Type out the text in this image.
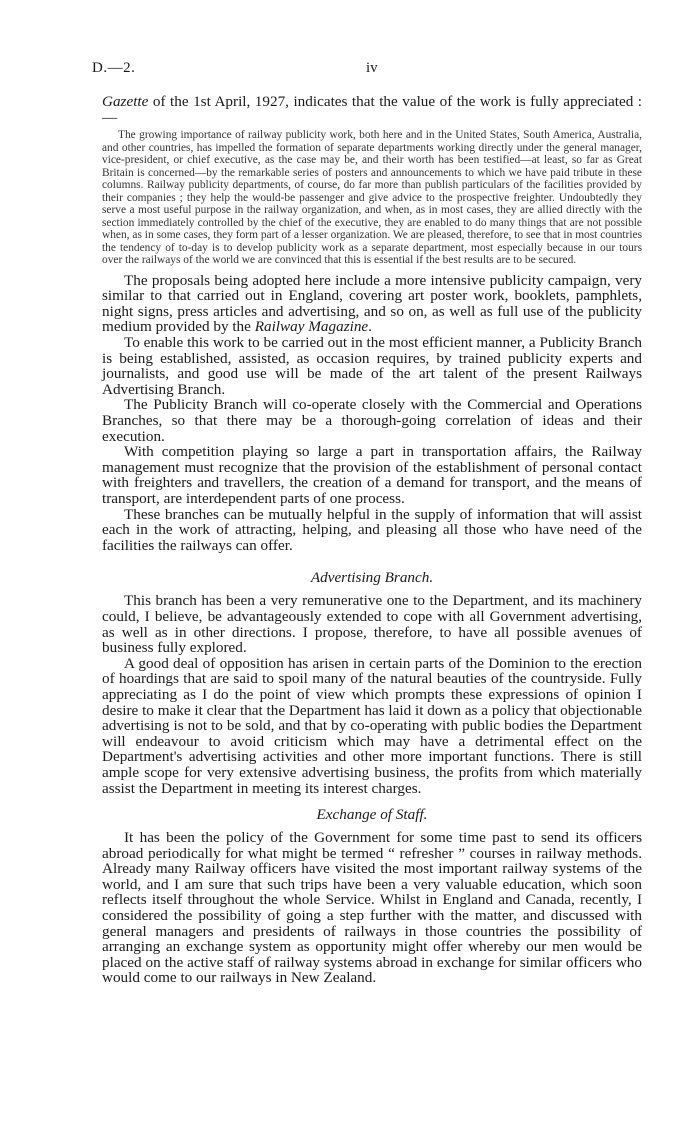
D.—2.	iv

Gazette of the 1st April, 1927, indicates that the value of the work is fully appreciated :—

The growing importance of railway publicity work, both here and in the United States, South America, Australia, and other countries, has impelled the formation of separate departments working directly under the general manager, vice-president, or chief executive, as the case may be, and their worth has been testified—at least, so far as Great Britain is concerned—by the remarkable series of posters and announcements to which we have paid tribute in these columns. Railway publicity departments, of course, do far more than publish particulars of the facilities provided by their companies ; they help the would-be passenger and give advice to the prospective freighter. Undoubtedly they serve a most useful purpose in the railway organization, and when, as in most cases, they are allied directly with the section immediately controlled by the chief of the executive, they are enabled to do many things that are not possible when, as in some cases, they form part of a lesser organization. We are pleased, therefore, to see that in most countries the tendency of to-day is to develop publicity work as a separate department, most especially because in our tours over the railways of the world we are convinced that this is essential if the best results are to be secured.

The proposals being adopted here include a more intensive publicity campaign, very similar to that carried out in England, covering art poster work, booklets, pamphlets, night signs, press articles and advertising, and so on, as well as full use of the publicity medium provided by the Railway Magazine.

To enable this work to be carried out in the most efficient manner, a Publicity Branch is being established, assisted, as occasion requires, by trained publicity experts and journalists, and good use will be made of the art talent of the present Railways Advertising Branch.

The Publicity Branch will co-operate closely with the Commercial and Operations Branches, so that there may be a thorough-going correlation of ideas and their execution.

With competition playing so large a part in transportation affairs, the Railway management must recognize that the provision of the establishment of personal contact with freighters and travellers, the creation of a demand for transport, and the means of transport, are interdependent parts of one process.

These branches can be mutually helpful in the supply of information that will assist each in the work of attracting, helping, and pleasing all those who have need of the facilities the railways can offer.

Advertising Branch.

This branch has been a very remunerative one to the Department, and its machinery could, I believe, be advantageously extended to cope with all Government advertising, as well as in other directions. I propose, therefore, to have all possible avenues of business fully explored.

A good deal of opposition has arisen in certain parts of the Dominion to the erection of hoardings that are said to spoil many of the natural beauties of the countryside. Fully appreciating as I do the point of view which prompts these expressions of opinion I desire to make it clear that the Department has laid it down as a policy that objectionable advertising is not to be sold, and that by co-operating with public bodies the Department will endeavour to avoid criticism which may have a detrimental effect on the Department's advertising activities and other more important functions. There is still ample scope for very extensive advertising business, the profits from which materially assist the Department in meeting its interest charges.

Exchange of Staff.

It has been the policy of the Government for some time past to send its officers abroad periodically for what might be termed “ refresher ” courses in railway methods. Already many Railway officers have visited the most important railway systems of the world, and I am sure that such trips have been a very valuable education, which soon reflects itself throughout the whole Service. Whilst in England and Canada, recently, I considered the possibility of going a step further with the matter, and discussed with general managers and presidents of railways in those countries the possibility of arranging an exchange system as opportunity might offer whereby our men would be placed on the active staff of railway systems abroad in exchange for similar officers who would come to our railways in New Zealand.
